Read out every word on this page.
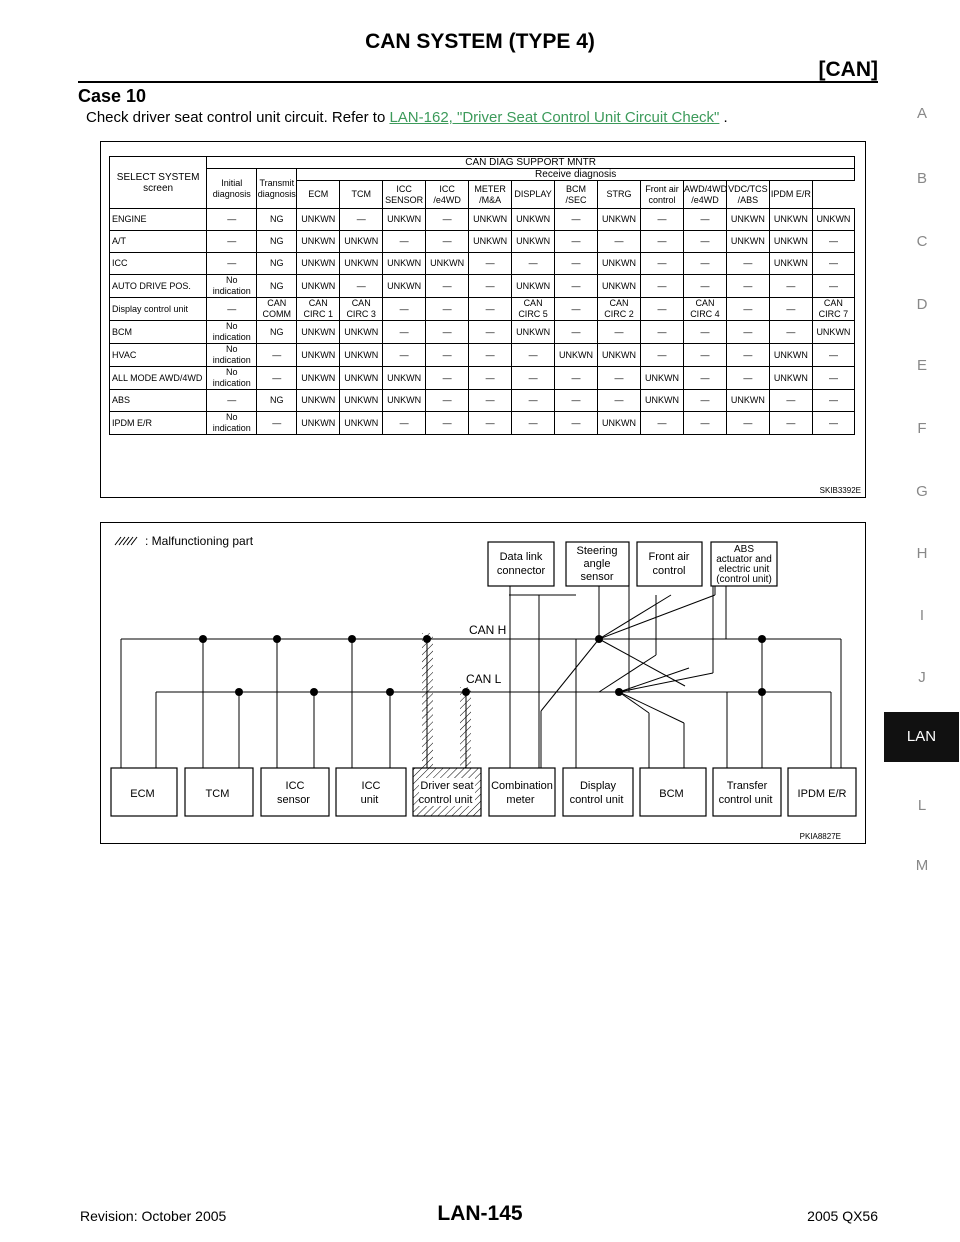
CAN SYSTEM (TYPE 4)
[CAN]
Case 10
Check driver seat control unit circuit. Refer to LAN-162, "Driver Seat Control Unit Circuit Check" .	A
B
C
D
E
F
G
H
I
J
LAN
L
M
SELECT SYSTEM screen	CAN DIAG SUPPORT MNTR														
	Initial diagnosis	Transmit diagnosis	Receive diagnosis												
			ECM	TCM	ICC SENSOR	ICC /e4WD	METER /M&A	DISPLAY	BCM /SEC	STRG	Front air control	AWD/4WD /e4WD	VDC/TCS /ABS	IPDM E/R	
ENGINE	—	NG	UNKWN	—	UNKWN	—	UNKWN	UNKWN	—	UNKWN	—	—	UNKWN	UNKWN	UNKWN
A/T	—	NG	UNKWN	UNKWN	—	—	UNKWN	UNKWN	—	—	—	—	UNKWN	UNKWN	—
ICC	—	NG	UNKWN	UNKWN	UNKWN	UNKWN	—	—	—	UNKWN	—	—	—	UNKWN	—
AUTO DRIVE POS.	No indication	NG	UNKWN	—	UNKWN	—	—	UNKWN	—	UNKWN	—	—	—	—	—
Display control unit	—	CAN COMM	CAN CIRC 1	CAN CIRC 3	—	—	—	CAN CIRC 5	—	CAN CIRC 2	—	CAN CIRC 4	—	—	CAN CIRC 7
BCM	No indication	NG	UNKWN	UNKWN	—	—	—	UNKWN	—	—	—	—	—	—	UNKWN
HVAC	No indication	—	UNKWN	UNKWN	—	—	—	—	UNKWN	UNKWN	—	—	—	UNKWN	—
ALL MODE AWD/4WD	No indication	—	UNKWN	UNKWN	UNKWN	—	—	—	—	—	UNKWN	—	—	UNKWN	—
ABS	—	NG	UNKWN	UNKWN	UNKWN	—	—	—	—	—	UNKWN	—	UNKWN	—	—
IPDM E/R	No indication	—	UNKWN	UNKWN	—	—	—	—	—	UNKWN	—	—	—	—	—
SKIB3392E
: Malfunctioning part
CAN H
CAN L
Data link connector
Steering angle sensor
Front air control
ABS actuator and electric unit (control unit)
ECM	TCM ICC sensor ICC unit Driver seat control unit Combination meter Display control unit	BCM Transfer control unit IPDM E/R
PKIA8827E
Revision: October 2005	LAN-145	2005 QX56
